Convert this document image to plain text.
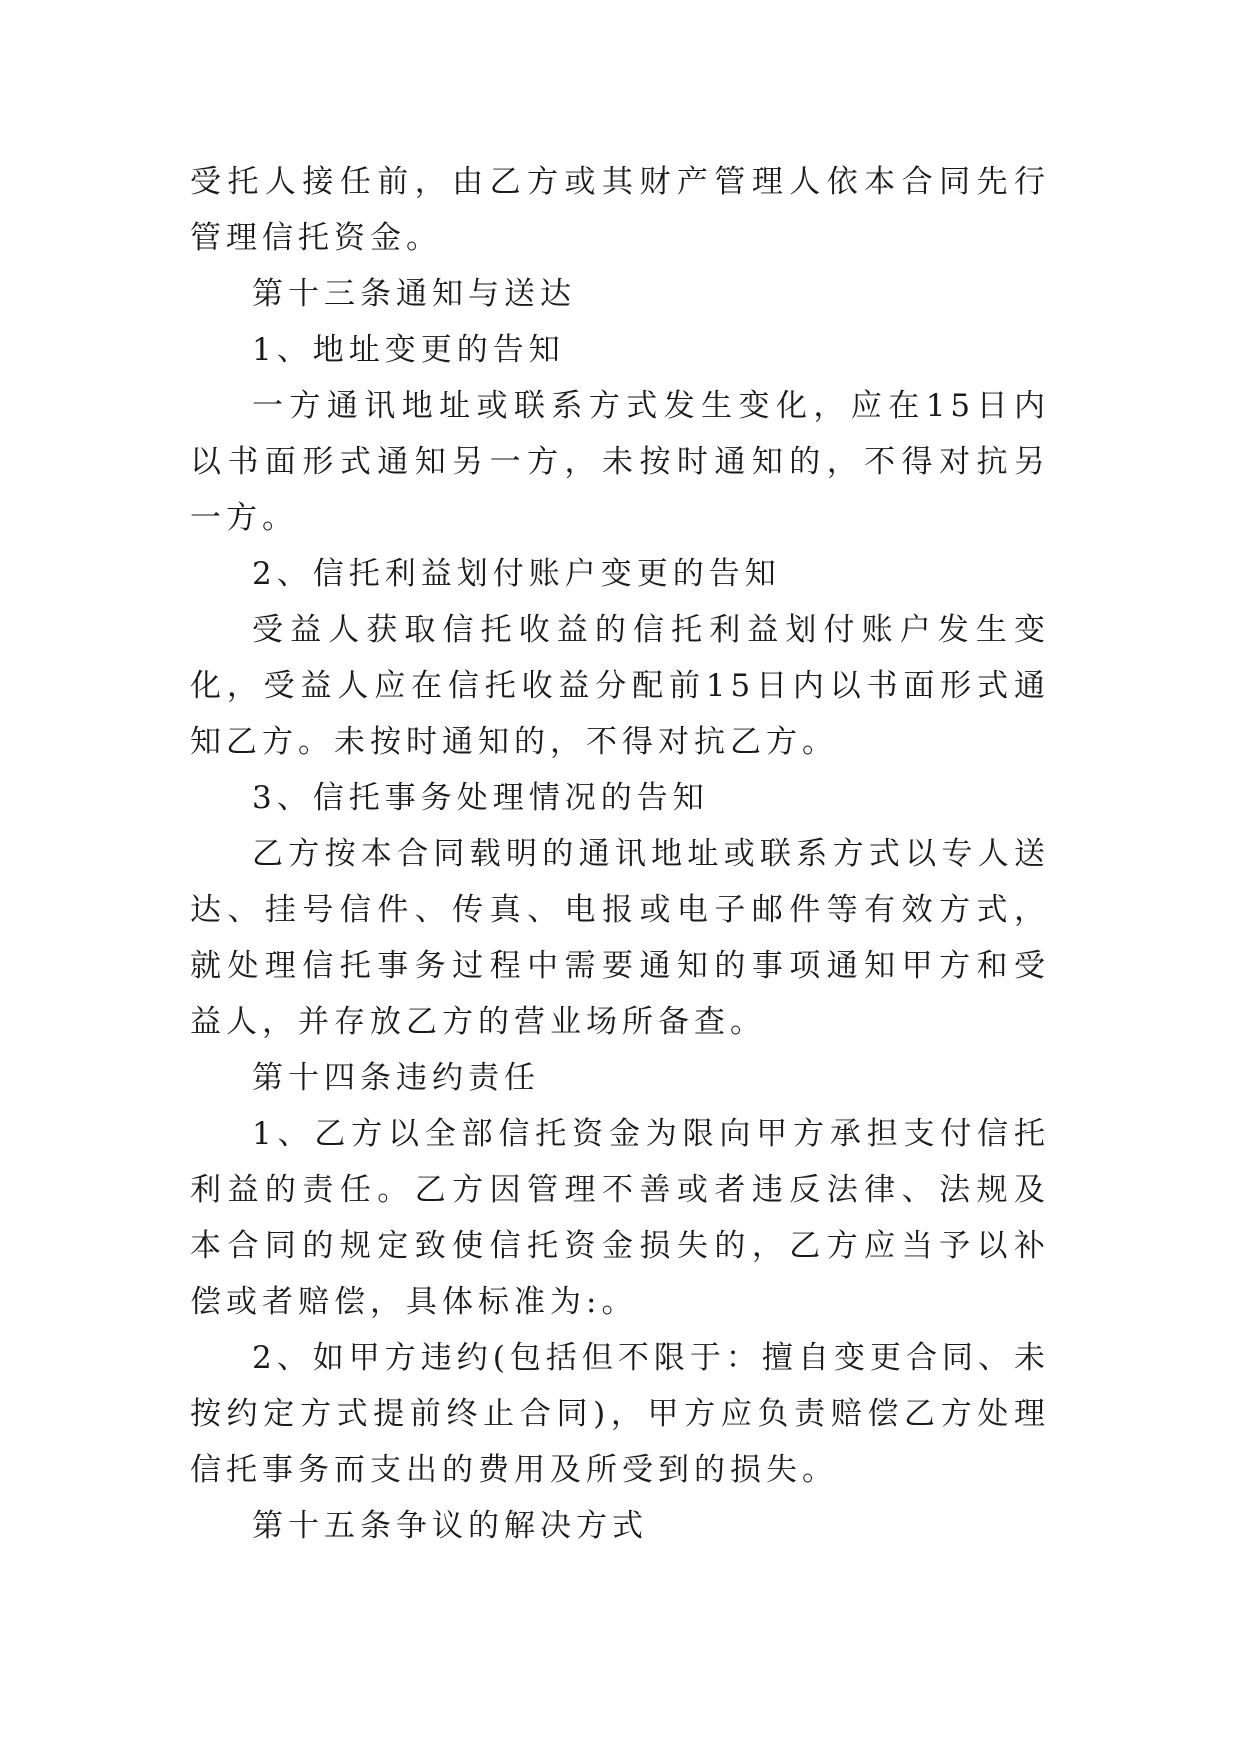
受托人接任前，由乙方或其财产管理人依本合同先行管理信托资金。

第十三条通知与送达

1、地址变更的告知

一方通讯地址或联系方式发生变化，应在15日内以书面形式通知另一方，未按时通知的，不得对抗另一方。

2、信托利益划付账户变更的告知

受益人获取信托收益的信托利益划付账户发生变化，受益人应在信托收益分配前15日内以书面形式通知乙方。未按时通知的，不得对抗乙方。

3、信托事务处理情况的告知

乙方按本合同载明的通讯地址或联系方式以专人送达、挂号信件、传真、电报或电子邮件等有效方式，就处理信托事务过程中需要通知的事项通知甲方和受益人，并存放乙方的营业场所备查。

第十四条违约责任

1、乙方以全部信托资金为限向甲方承担支付信托利益的责任。乙方因管理不善或者违反法律、法规及本合同的规定致使信托资金损失的，乙方应当予以补偿或者赔偿，具体标准为:。

2、如甲方违约(包括但不限于：擅自变更合同、未按约定方式提前终止合同)，甲方应负责赔偿乙方处理信托事务而支出的费用及所受到的损失。

第十五条争议的解决方式
